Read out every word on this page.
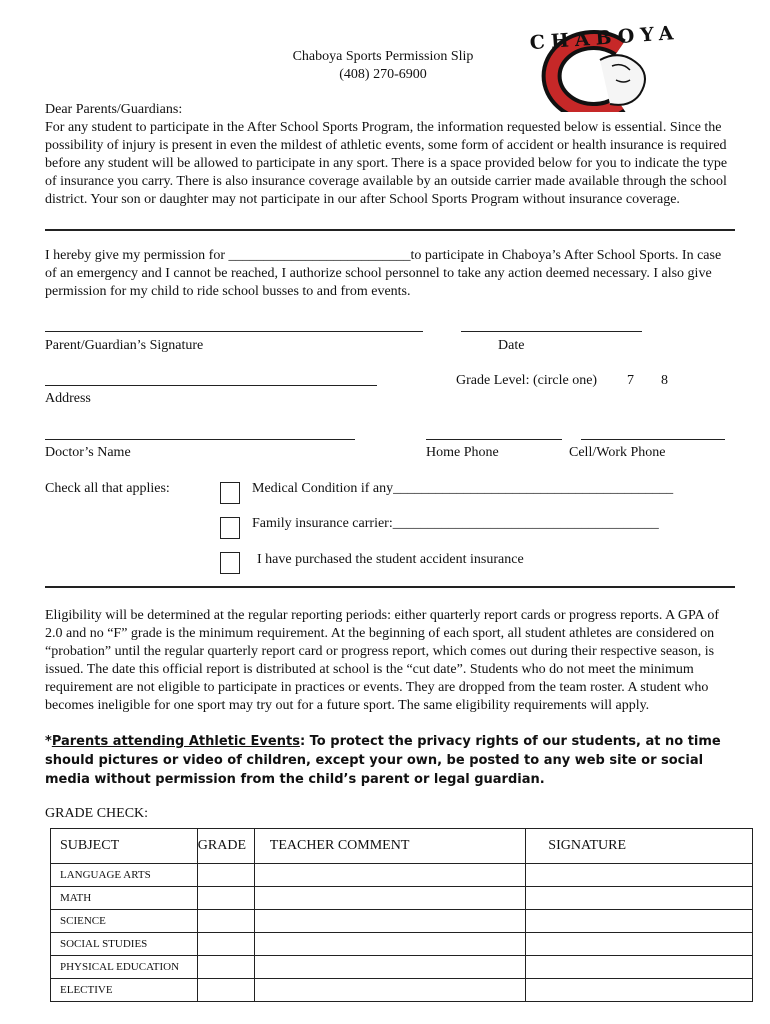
CHABOYA
COLTS
Chaboya Sports Permission Slip
(408) 270-6900
Dear Parents/Guardians:
For any student to participate in the After School Sports Program, the information requested below is essential. Since the possibility of injury is present in even the mildest of athletic events, some form of accident or health insurance is required before any student will be allowed to participate in any sport. There is a space provided below for you to indicate the type of insurance you carry. There is also insurance coverage available by an outside carrier made available through the school district. Your son or daughter may not participate in our after School Sports Program without insurance coverage.
I hereby give my permission for __________________________to participate in Chaboya’s After School Sports. In case of an emergency and I cannot be reached, I authorize school personnel to take any action deemed necessary. I also give permission for my child to ride school busses to and from events.
Parent/Guardian’s Signature	Date
Grade Level: (circle one) 7 8
Address
Doctor’s Name	Home Phone	Cell/Work Phone
Check all that applies:	Medical Condition if any________________________________________
Family insurance carrier:______________________________________
I have purchased the student accident insurance
Eligibility will be determined at the regular reporting periods: either quarterly report cards or progress reports. A GPA of 2.0 and no “F” grade is the minimum requirement. At the beginning of each sport, all student athletes are considered on “probation” until the regular quarterly report card or progress report, which comes out during their respective season, is issued. The date this official report is distributed at school is the “cut date”. Students who do not meet the minimum requirement are not eligible to participate in practices or events. They are dropped from the team roster. A student who becomes ineligible for one sport may try out for a future sport. The same eligibility requirements will apply.
*Parents attending Athletic Events: To protect the privacy rights of our students, at no time should pictures or video of children, except your own, be posted to any web site or social media without permission from the child’s parent or legal guardian.
GRADE CHECK:
SUBJECT	GRADE	TEACHER COMMENT	SIGNATURE
LANGUAGE ARTS			
MATH			
SCIENCE			
SOCIAL STUDIES			
PHYSICAL EDUCATION			
ELECTIVE			
